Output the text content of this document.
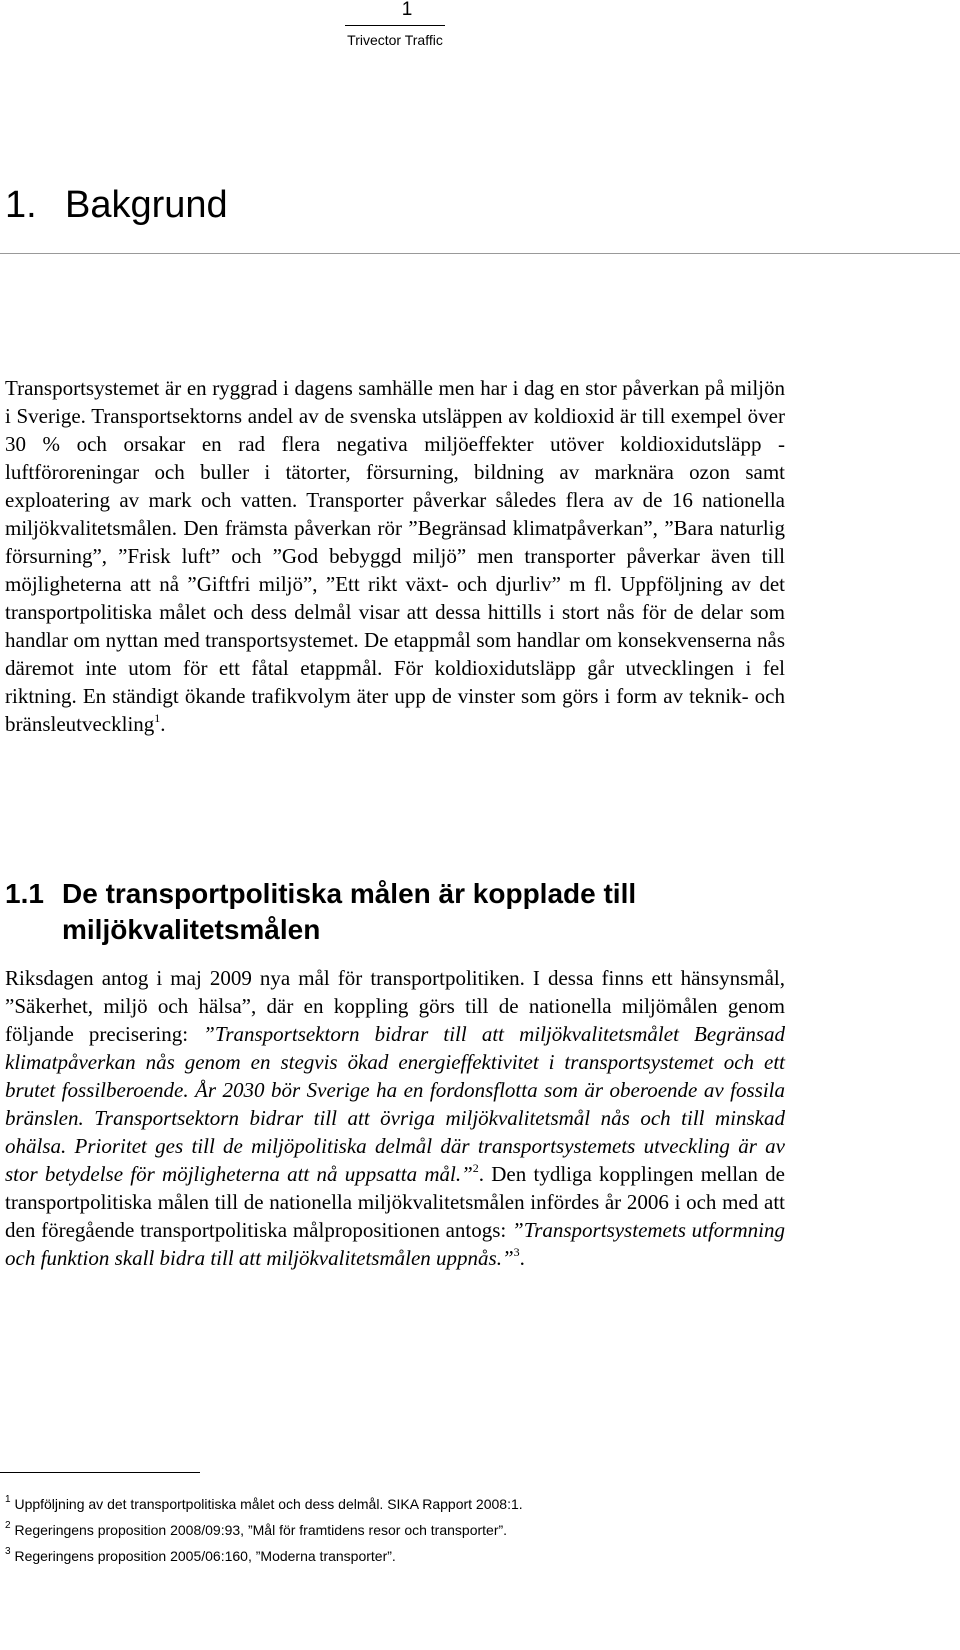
1
Trivector Traffic
1. Bakgrund

Transportsystemet är en ryggrad i dagens samhälle men har i dag en stor påverkan på miljön i Sverige. Transportsektorns andel av de svenska utsläppen av koldioxid är till exempel över 30 % och orsakar en rad flera negativa miljöeffekter utöver koldioxidutsläpp - luftföroreningar och buller i tätorter, försurning, bildning av marknära ozon samt exploatering av mark och vatten. Transporter påverkar således flera av de 16 nationella miljökvalitetsmålen. Den främsta påverkan rör ”Begränsad klimatpåverkan”, ”Bara naturlig försurning”, ”Frisk luft” och ”God bebyggd miljö” men transporter påverkar även till möjligheterna att nå ”Giftfri miljö”, ”Ett rikt växt- och djurliv” m fl. Uppföljning av det transportpolitiska målet och dess delmål visar att dessa hittills i stort nås för de delar som handlar om nyttan med transportsystemet. De etappmål som handlar om konsekvenserna nås däremot inte utom för ett fåtal etappmål. För koldioxidutsläpp går utvecklingen i fel riktning. En ständigt ökande trafikvolym äter upp de vinster som görs i form av teknik- och bränsleutveckling$^1$.

1.1 De transportpolitiska målen är kopplade till
miljökvalitetsmålen

Riksdagen antog i maj 2009 nya mål för transportpolitiken. I dessa finns ett hänsynsmål, ”Säkerhet, miljö och hälsa”, där en koppling görs till de nationella miljömålen genom följande precisering: ”Transportsektorn bidrar till att miljökvalitetsmålet Begränsad klimatpåverkan nås genom en stegvis ökad energieffektivitet i transportsystemet och ett brutet fossilberoende. År 2030 bör Sverige ha en fordonsflotta som är oberoende av fossila bränslen. Transportsektorn bidrar till att övriga miljökvalitetsmål nås och till minskad ohälsa. Prioritet ges till de miljöpolitiska delmål där transportsystemets utveckling är av stor betydelse för möjligheterna att nå uppsatta mål.”$^2$. Den tydliga kopplingen mellan de transportpolitiska målen till de nationella miljökvalitetsmålen infördes år 2006 i och med att den föregående transportpolitiska målpropositionen antogs: ”Transportsystemets utformning och funktion skall bidra till att miljökvalitetsmålen uppnås.”$^3$.

$^1$ Uppföljning av det transportpolitiska målet och dess delmål. SIKA Rapport 2008:1.
$^2$ Regeringens proposition 2008/09:93, ”Mål för framtidens resor och transporter”.
$^3$ Regeringens proposition 2005/06:160, ”Moderna transporter”.
